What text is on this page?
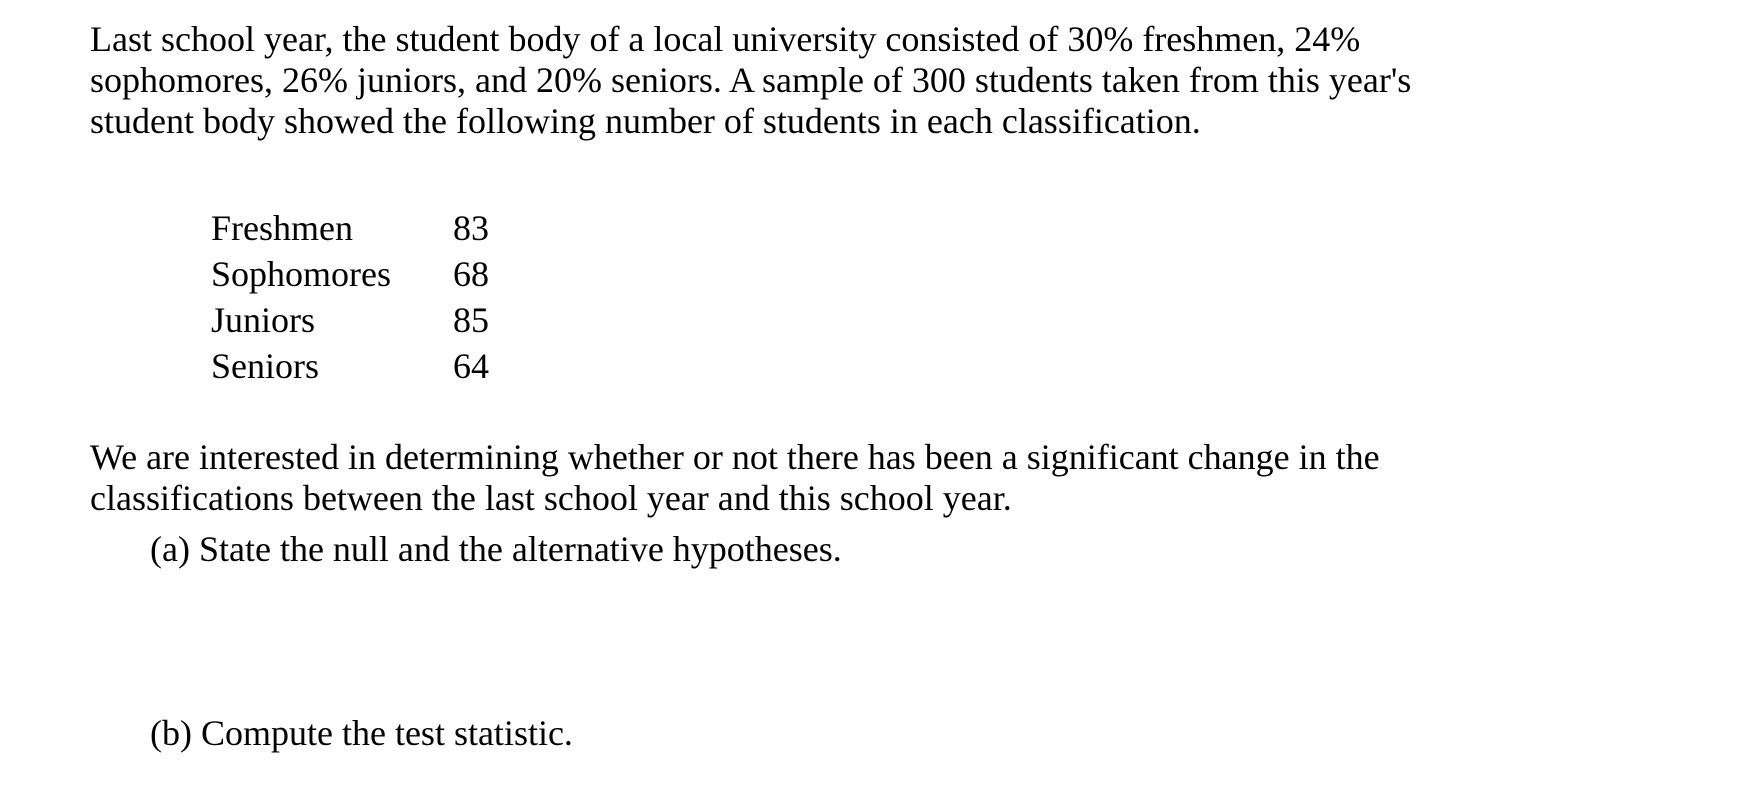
Last school year, the student body of a local university consisted of 30% freshmen, 24%
sophomores, 26% juniors, and 20% seniors. A sample of 300 students taken from this year's
student body showed the following number of students in each classification.

Freshmen	83
Sophomores	68
Juniors	85
Seniors	64

We are interested in determining whether or not there has been a significant change in the
classifications between the last school year and this school year.

(a) State the null and the alternative hypotheses.

(b) Compute the test statistic.
